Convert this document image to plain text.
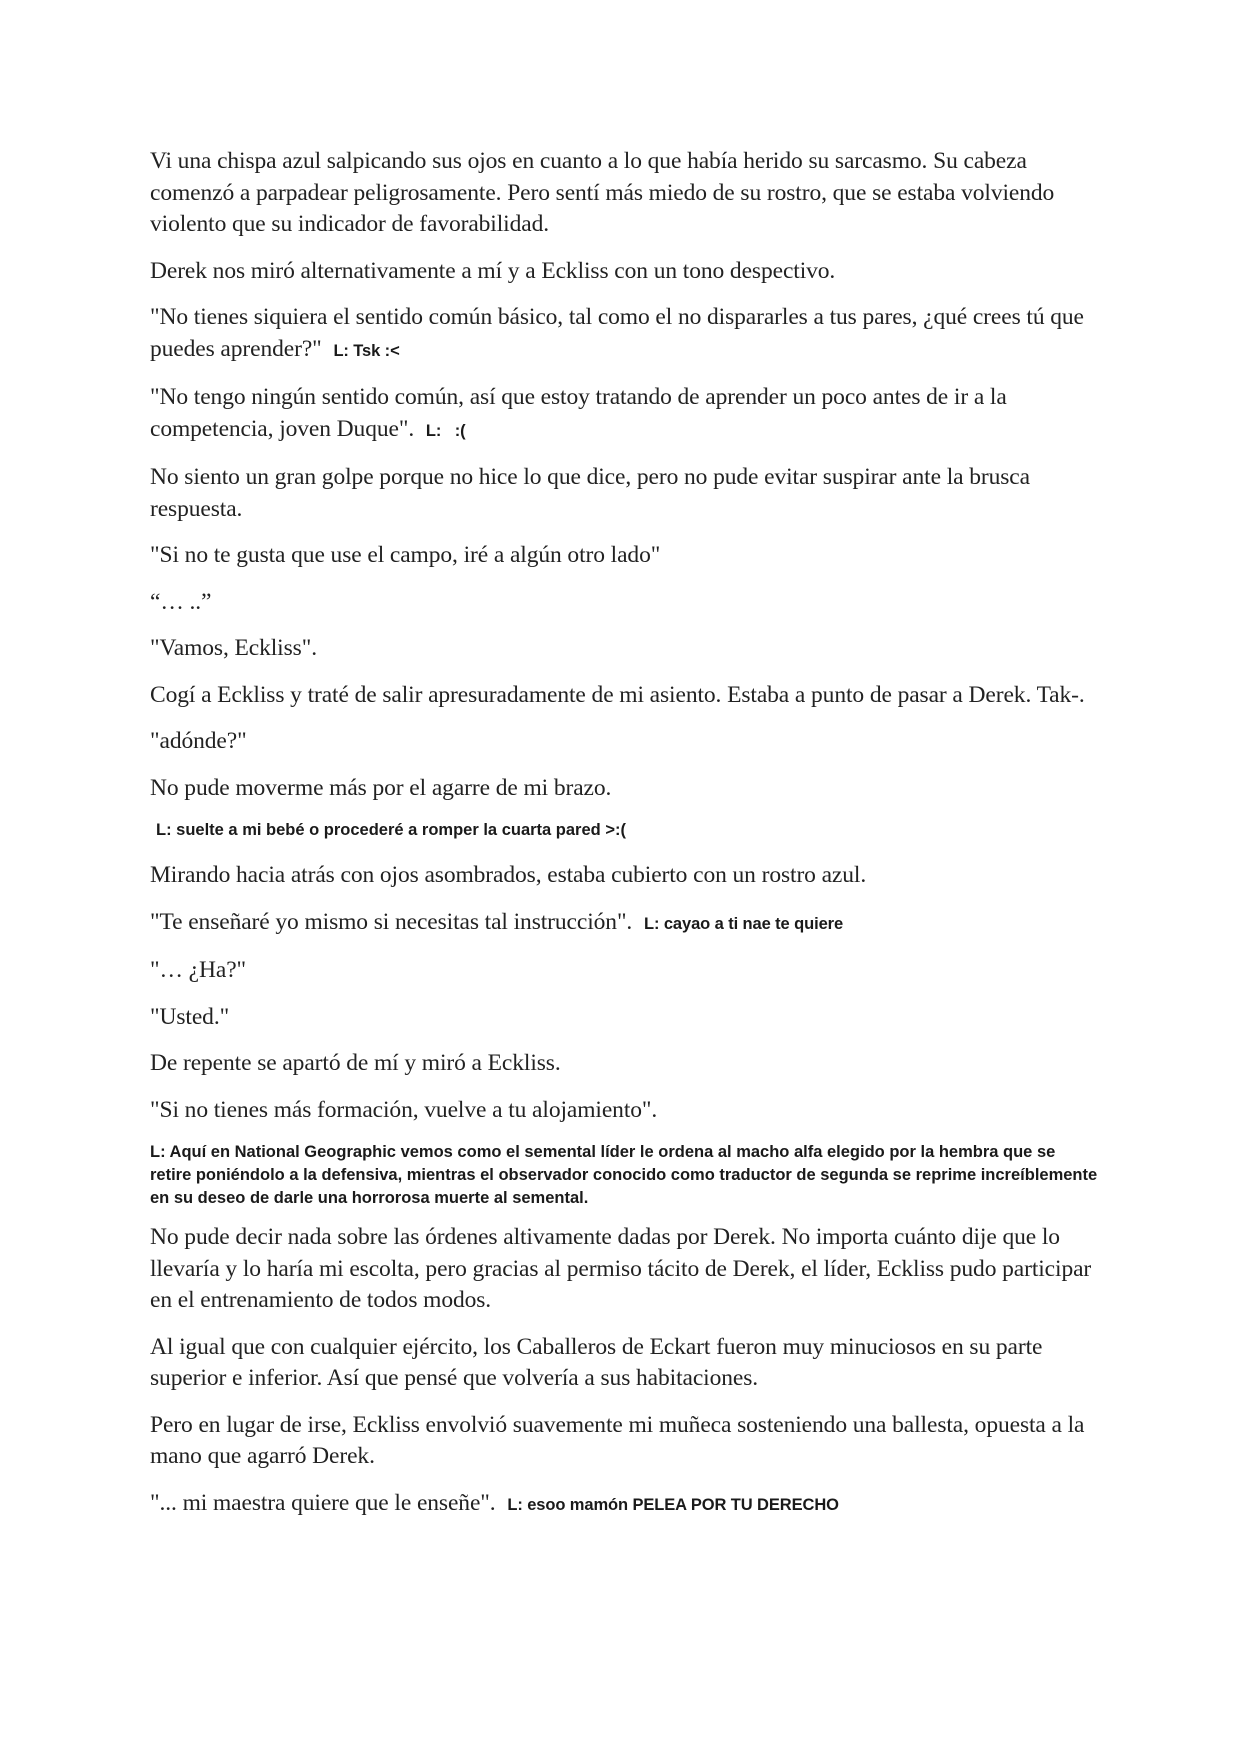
Vi una chispa azul salpicando sus ojos en cuanto a lo que había herido su sarcasmo. Su cabeza comenzó a parpadear peligrosamente. Pero sentí más miedo de su rostro, que se estaba volviendo violento que su indicador de favorabilidad.

Derek nos miró alternativamente a mí y a Eckliss con un tono despectivo.

"No tienes siquiera el sentido común básico, tal como el no dispararles a tus pares, ¿qué crees tú que puedes aprender?" L: Tsk :<

"No tengo ningún sentido común, así que estoy tratando de aprender un poco antes de ir a la competencia, joven Duque". L:   :(

No siento un gran golpe porque no hice lo que dice, pero no pude evitar suspirar ante la brusca respuesta.

"Si no te gusta que use el campo, iré a algún otro lado"

“… ..”

"Vamos, Eckliss".

Cogí a Eckliss y traté de salir apresuradamente de mi asiento. Estaba a punto de pasar a Derek. Tak-.

"adónde?"

No pude moverme más por el agarre de mi brazo.

L: suelte a mi bebé o procederé a romper la cuarta pared >:(

Mirando hacia atrás con ojos asombrados, estaba cubierto con un rostro azul.

"Te enseñaré yo mismo si necesitas tal instrucción". L: cayao a ti nae te quiere

"… ¿Ha?"

"Usted."

De repente se apartó de mí y miró a Eckliss.

"Si no tienes más formación, vuelve a tu alojamiento".

L: Aquí en National Geographic vemos como el semental líder le ordena al macho alfa elegido por la hembra que se retire poniéndolo a la defensiva, mientras el observador conocido como traductor de segunda se reprime increíblemente en su deseo de darle una horrorosa muerte al semental.

No pude decir nada sobre las órdenes altivamente dadas por Derek. No importa cuánto dije que lo llevaría y lo haría mi escolta, pero gracias al permiso tácito de Derek, el líder, Eckliss pudo participar en el entrenamiento de todos modos.

Al igual que con cualquier ejército, los Caballeros de Eckart fueron muy minuciosos en su parte superior e inferior. Así que pensé que volvería a sus habitaciones.

Pero en lugar de irse, Eckliss envolvió suavemente mi muñeca sosteniendo una ballesta, opuesta a la mano que agarró Derek.

"... mi maestra quiere que le enseñe". L: esoo mamón PELEA POR TU DERECHO
